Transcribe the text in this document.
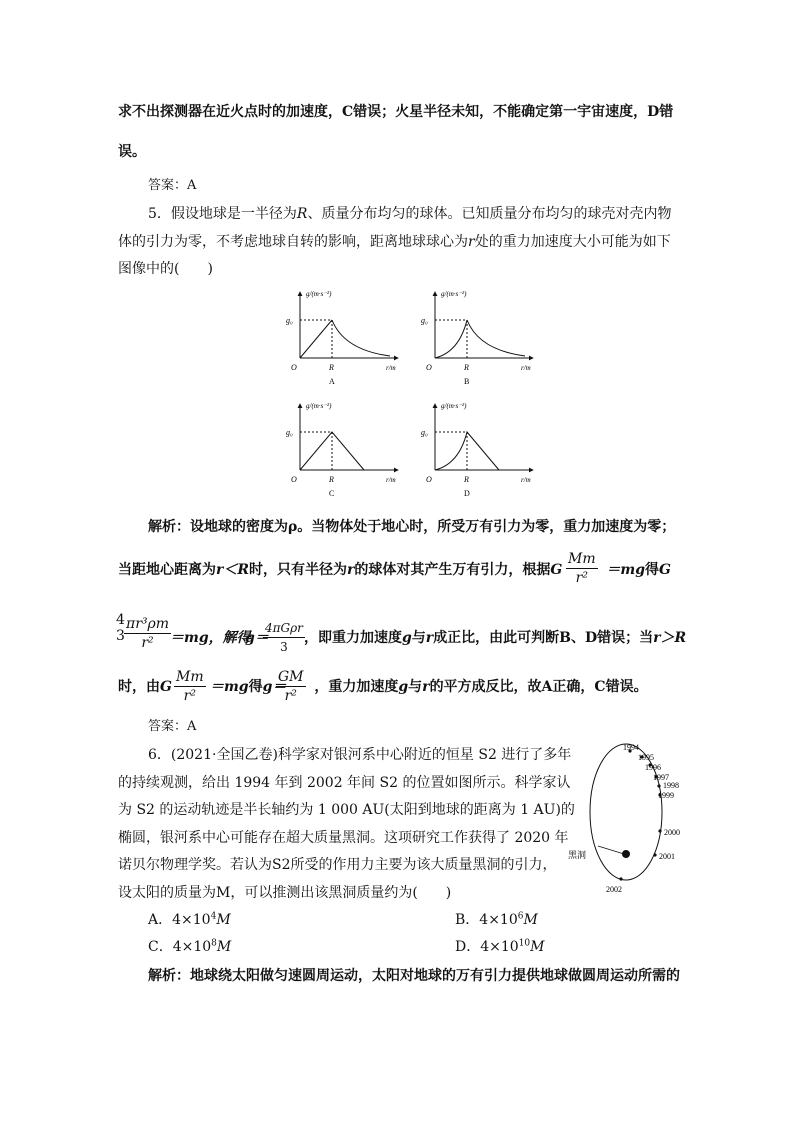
求不出探测器在近火点时的加速度，C错误；火星半径未知，不能确定第一宇宙速度，D错
误。
答案：A
5．假设地球是一半径为R、质量分布均匀的球体。已知质量分布均匀的球壳对壳内物
体的引力为零，不考虑地球自转的影响，距离地球球心为r处的重力加速度大小可能为如下
图像中的(　　)
g/(m·s⁻²)
g₀
O	R	r/m
A
g/(m·s⁻²)
g₀
O	R	r/m
B
g/(m·s⁻²)
g₀
O	R	r/m
C
g/(m·s⁻²)
g₀
O	R	r/m
D
解析：设地球的密度为ρ。当物体处于地心时，所受万有引力为零，重力加速度为零；
当距地心距离为r＜R时，只有半径为r的球体对其产生万有引力，根据G	＝mg得G
$\frac{Mm}{\text{r²}}$
4
$3 \frac{\text{πr³ρm}}{\text{r²}}$
＝mg，解得
g＝
4πGρr
3
，即重力加速度g与r成正比，由此可判断B、D错误；当r＞R
时，由G	＝mg得g＝ ，重力加速度g与r的平方成反比，故A正确，C错误。
$\frac{Mm}{\text{r²}}$	$\frac{GM}{\text{r²}}$
答案：A
6．(2021·全国乙卷)科学家对银河系中心附近的恒星 S2 进行了多年
的持续观测，给出 1994 年到 2002 年间 S2 的位置如图所示。科学家认
为 S2 的运动轨迹是半长轴约为 1 000 AU(太阳到地球的距离为 1 AU)的
椭圆，银河系中心可能存在超大质量黑洞。这项研究工作获得了 2020 年
诺贝尔物理学奖。若认为S2所受的作用力主要为该大质量黑洞的引力，
设太阳的质量为M，可以推测出该黑洞质量约为(　　)
A．$4\times 10^4M$	B．$4\times 10^6M$
C．$4\times 10^8M$	D．$4\times 10^{10}M$
黑洞
1994
1995
1996
1997
1998
1999
2000
2001
2002
解析：地球绕太阳做匀速圆周运动，太阳对地球的万有引力提供地球做圆周运动所需的
